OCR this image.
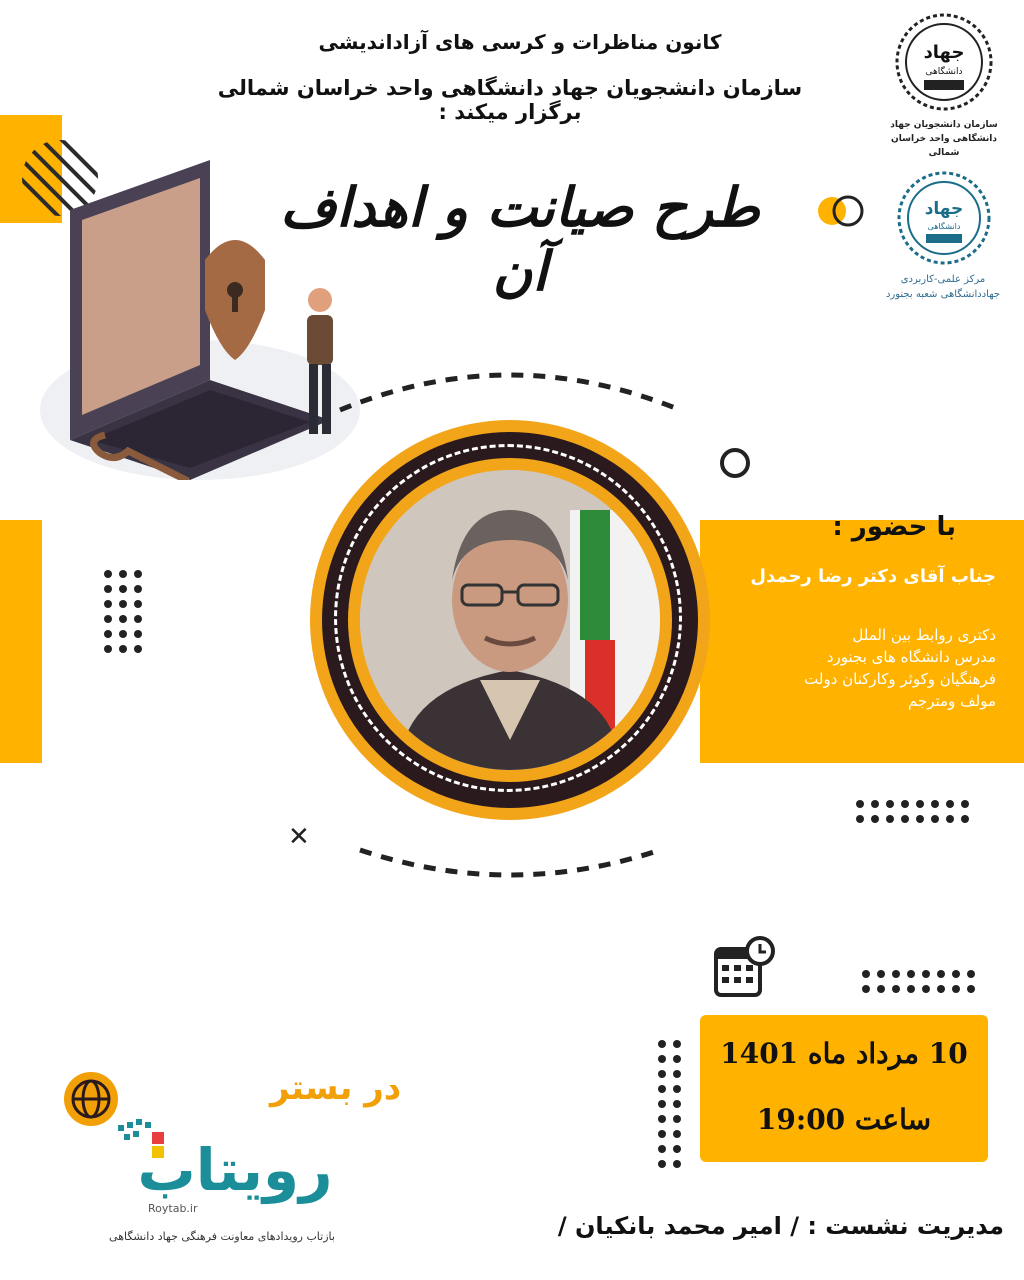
کانون مناظرات و کرسی های آزاداندیشی
سازمان دانشجویان جهاد دانشگاهی واحد خراسان شمالی برگزار میکند :
طرح صیانت و اهداف آن
جهاد
دانشگاهی
سازمان دانشجویان جهاد دانشگاهی واحد خراسان شمالی
جهاد
دانشگاهی
مرکز علمی-کاربردی
جهاددانشگاهی شعبه بجنورد
✕
با حضور :
جناب آقای دکتر رضا رحمدل
دکتری روابط بین الملل
مدرس دانشگاه های بجنورد
فرهنگیان وکوثر وکارکنان دولت
مولف ومترجم
10 مرداد ماه 1401
ساعت 19:00
در بستر
رویتاب
Roytab.ir
بازتاب رویدادهای معاونت فرهنگی جهاد دانشگاهی	مدیریت نشست : / امیر محمد بانکیان /
